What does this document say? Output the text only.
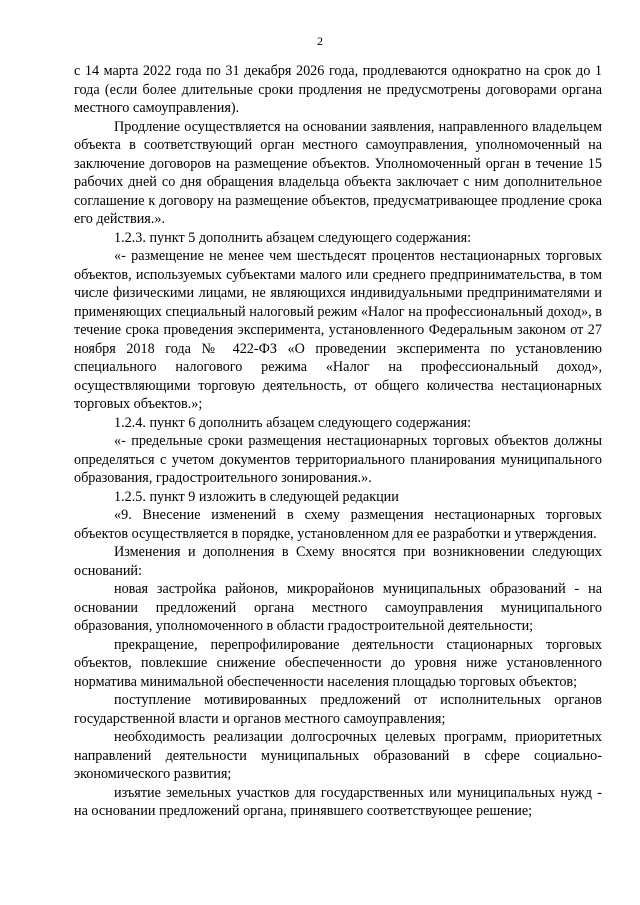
2

с 14 марта 2022 года по 31 декабря 2026 года, продлеваются однократно на срок до 1 года (если более длительные сроки продления не предусмотрены договорами органа местного самоуправления).

Продление осуществляется на основании заявления, направленного владельцем объекта в соответствующий орган местного самоуправления, уполномоченный на заключение договоров на размещение объектов. Уполномоченный орган в течение 15 рабочих дней со дня обращения владельца объекта заключает с ним дополнительное соглашение к договору на размещение объектов, предусматривающее продление срока его действия.».

1.2.3. пункт 5 дополнить абзацем следующего содержания:

«- размещение не менее чем шестьдесят процентов нестационарных торговых объектов, используемых субъектами малого или среднего предпринимательства, в том числе физическими лицами, не являющихся индивидуальными предпринимателями и применяющих специальный налоговый режим «Налог на профессиональный доход», в течение срока проведения эксперимента, установленного Федеральным законом от 27 ноября 2018 года № 422-ФЗ «О проведении эксперимента по установлению специального налогового режима «Налог на профессиональный доход», осуществляющими торговую деятельность, от общего количества нестационарных торговых объектов.»;

1.2.4. пункт 6 дополнить абзацем следующего содержания:

«- предельные сроки размещения нестационарных торговых объектов должны определяться с учетом документов территориального планирования муниципального образования, градостроительного зонирования.».

1.2.5. пункт 9 изложить в следующей редакции

«9. Внесение изменений в схему размещения нестационарных торговых объектов осуществляется в порядке, установленном для ее разработки и утверждения.

Изменения и дополнения в Схему вносятся при возникновении следующих оснований:

новая застройка районов, микрорайонов муниципальных образований - на основании предложений органа местного самоуправления муниципального образования, уполномоченного в области градостроительной деятельности;

прекращение, перепрофилирование деятельности стационарных торговых объектов, повлекшие снижение обеспеченности до уровня ниже установленного норматива минимальной обеспеченности населения площадью торговых объектов;

поступление мотивированных предложений от исполнительных органов государственной власти и органов местного самоуправления;

необходимость реализации долгосрочных целевых программ, приоритетных направлений деятельности муниципальных образований в сфере социально-экономического развития;

изъятие земельных участков для государственных или муниципальных нужд - на основании предложений органа, принявшего соответствующее решение;
